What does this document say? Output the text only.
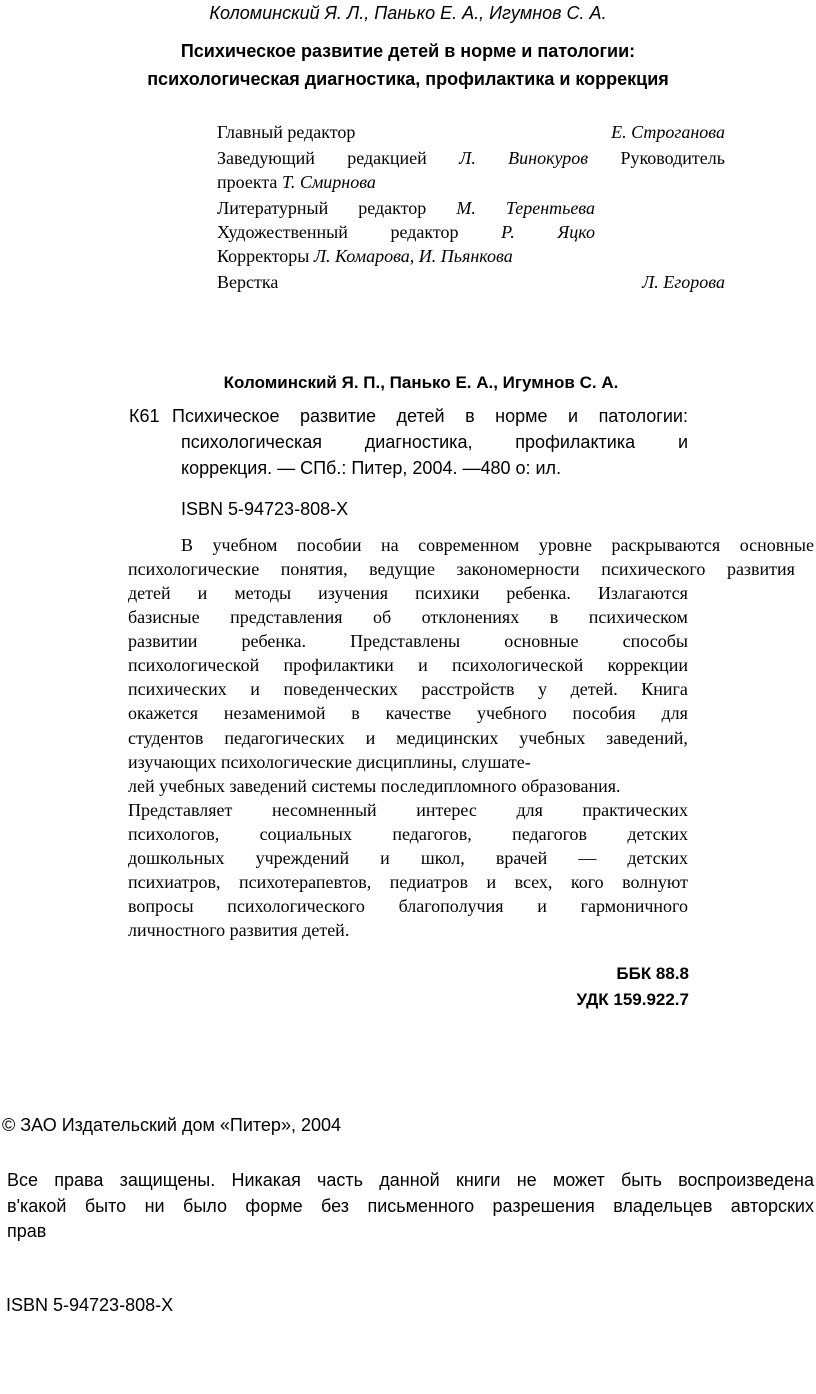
Коломинский Я. Л., Панько Е. А., Игумнов С. А.
Психическое развитие детей в норме и патологии:
психологическая диагностика, профилактика и коррекция
Главный редактор	Е. Строганова
Заведующий редакцией Л. Винокуров Руководитель
проекта Т. Смирнова
Литературный редактор М. Терентьева
Художественный редактор Р. Яцко
Корректоры Л. Комарова, И. Пьянкова
Верстка	Л. Егорова
Коломинский Я. П., Панько Е. А., Игумнов С. А.
К61 Психическое развитие детей в норме и патологии:
психологическая диагностика, профилактика и
коррекция. — СПб.: Питер, 2004. —480 о: ил.
ISBN 5-94723-808-X
В учебном пособии на современном уровне раскрываются основные
психологические понятия, ведущие закономерности психического развития
детей и методы изучения психики ребенка. Излагаются
базисные представления об отклонениях в психическом
развитии ребенка. Представлены основные способы
психологической профилактики и психологической коррекции
психических и поведенческих расстройств у детей. Книга
окажется незаменимой в качестве учебного пособия для
студентов педагогических и медицинских учебных заведений,
изучающих психологические дисциплины, слушате-
лей учебных заведений системы последипломного образования.
Представляет несомненный интерес для практических
психологов, социальных педагогов, педагогов детских
дошкольных учреждений и школ, врачей — детских
психиатров, психотерапевтов, педиатров и всех, кого волнуют
вопросы психологического благополучия и гармоничного
личностного развития детей.
ББК 88.8
УДК 159.922.7
© ЗАО Издательский дом «Питер», 2004
Все права защищены. Никакая часть данной книги не может быть воспроизведена
в'какой быто ни было форме без письменного разрешения владельцев авторских
прав
ISBN 5-94723-808-X
